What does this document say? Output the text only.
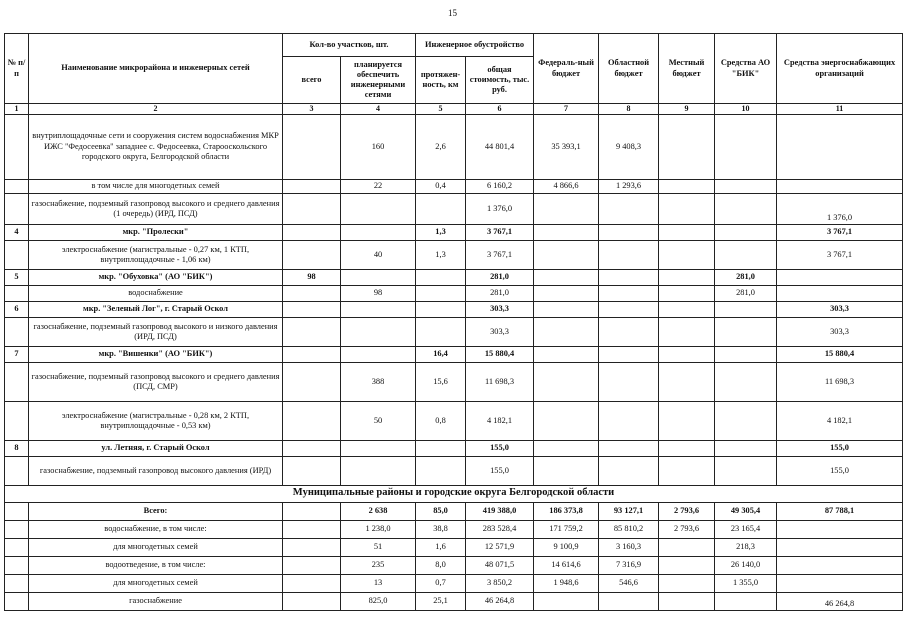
15
№ п/п	Наименование микрорайона и инженерных сетей	Кол-во участков, шт.		Инженерное обустройство		Федераль-ный бюджет	Областной бюджет	Местный бюджет	Средства АО "БИК"	Средства энергоснабжающих организаций
		всего	планируется обеспечить инженерными сетями	протяжен-ность, км	общая стоимость, тыс. руб.					
1	2	3	4	5	6	7	8	9	10	11
	внутриплощадочные сети и сооружения систем водоснабжения МКР ИЖС "Федосеевка" западнее с. Федосеевка, Старооскольского городского округа, Белгородской области		160	2,6	44 801,4	35 393,1	9 408,3			
	в том числе для многодетных семей		22	0,4	6 160,2	4 866,6	1 293,6			
	газоснабжение, подземный газопровод высокого и среднего давления (1 очередь) (ИРД, ПСД)				1 376,0					1 376,0
4	мкр. "Пролески"			1,3	3 767,1					3 767,1
	электроснабжение (магистральные - 0,27 км, 1 КТП, внутриплощадочные - 1,06 км)		40	1,3	3 767,1					3 767,1
5	мкр. "Обуховка" (АО "БИК")	98			281,0				281,0	
	водоснабжение		98		281,0				281,0	
6	мкр. "Зеленый Лог", г. Старый Оскол				303,3					303,3
	газоснабжение, подземный газопровод высокого и низкого давления (ИРД, ПСД)				303,3					303,3
7	мкр. "Вишенки" (АО "БИК")			16,4	15 880,4					15 880,4
	газоснабжение, подземный газопровод высокого и среднего давления (ПСД, СМР)		388	15,6	11 698,3					11 698,3
	электроснабжение (магистральные - 0,28 км, 2 КТП, внутриплощадочные - 0,53 км)		50	0,8	4 182,1					4 182,1
8	ул. Летняя, г. Старый Оскол				155,0					155,0
	газоснабжение, подземный газопровод высокого давления (ИРД)				155,0					155,0
Муниципальные районы и городские округа Белгородской области										
	Всего:		2 638	85,0	419 388,0	186 373,8	93 127,1	2 793,6	49 305,4	87 788,1
	водоснабжение, в том числе:		1 238,0	38,8	283 528,4	171 759,2	85 810,2	2 793,6	23 165,4	
	для многодетных семей		51	1,6	12 571,9	9 100,9	3 160,3		218,3	
	водоотведение, в том числе:		235	8,0	48 071,5	14 614,6	7 316,9		26 140,0	
	для многодетных семей		13	0,7	3 850,2	1 948,6	546,6		1 355,0	
	газоснабжение		825,0	25,1	46 264,8					46 264,8
